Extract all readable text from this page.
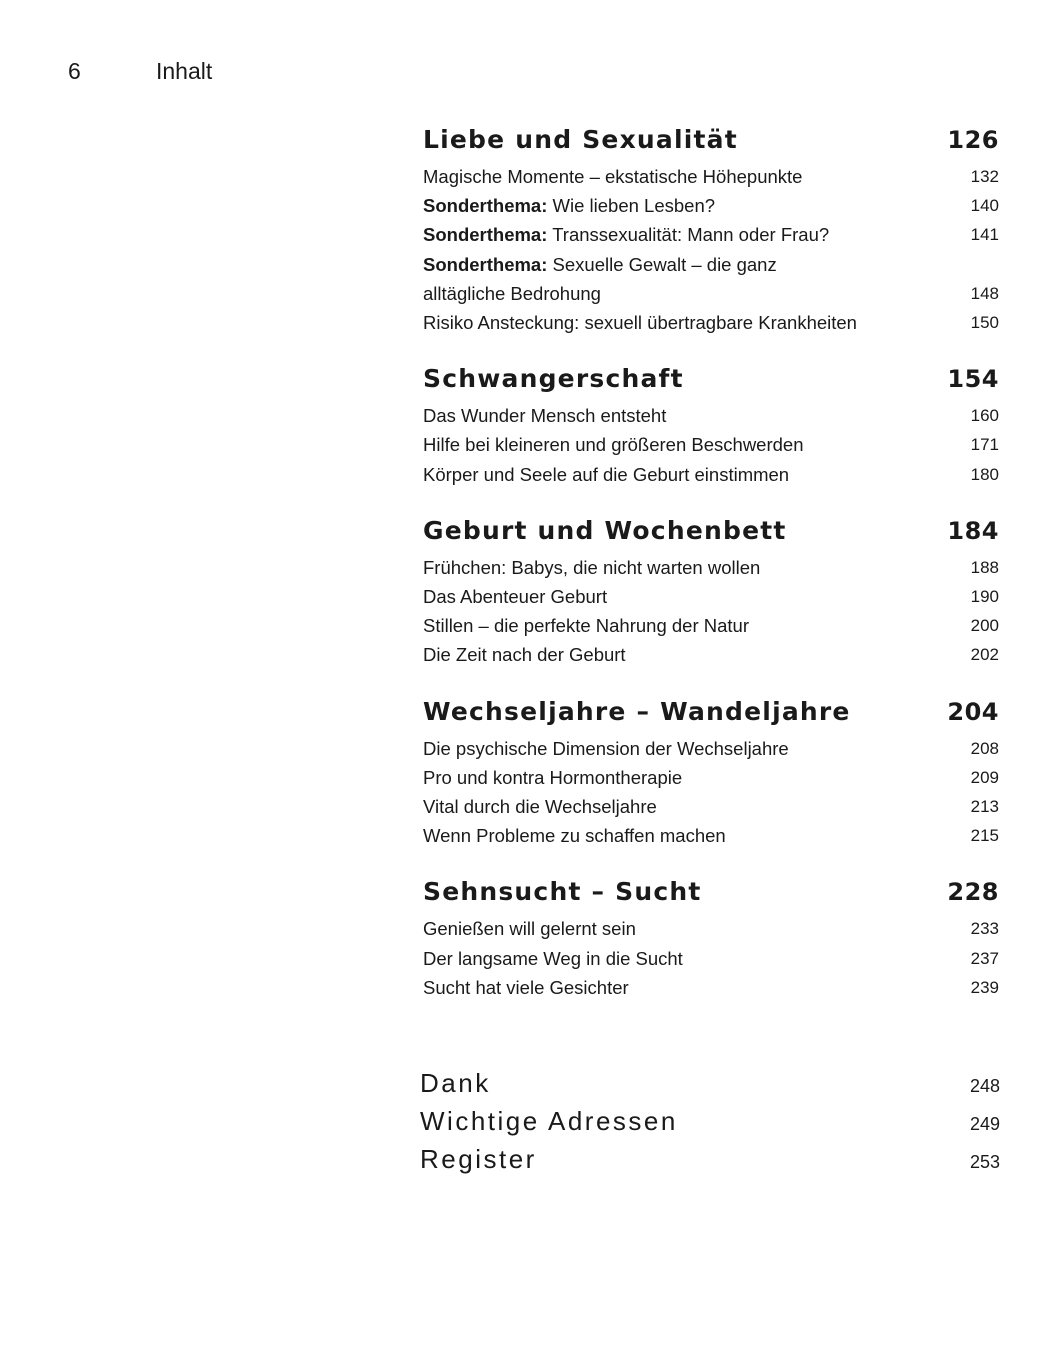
6	Inhalt
Liebe und Sexualität	126
Magische Momente – ekstatische Höhepunkte	132
Sonderthema: Wie lieben Lesben?	140
Sonderthema: Transsexualität: Mann oder Frau?	141
Sonderthema: Sexuelle Gewalt – die ganz
alltägliche Bedrohung	148
Risiko Ansteckung: sexuell übertragbare Krankheiten	150
Schwangerschaft	154
Das Wunder Mensch entsteht	160
Hilfe bei kleineren und größeren Beschwerden	171
Körper und Seele auf die Geburt einstimmen	180
Geburt und Wochenbett	184
Frühchen: Babys, die nicht warten wollen	188
Das Abenteuer Geburt	190
Stillen – die perfekte Nahrung der Natur	200
Die Zeit nach der Geburt	202
Wechseljahre – Wandeljahre	204
Die psychische Dimension der Wechseljahre	208
Pro und kontra Hormontherapie	209
Vital durch die Wechseljahre	213
Wenn Probleme zu schaffen machen	215
Sehnsucht – Sucht	228
Genießen will gelernt sein	233
Der langsame Weg in die Sucht	237
Sucht hat viele Gesichter	239
Dank	248
Wichtige Adressen	249
Register	253
